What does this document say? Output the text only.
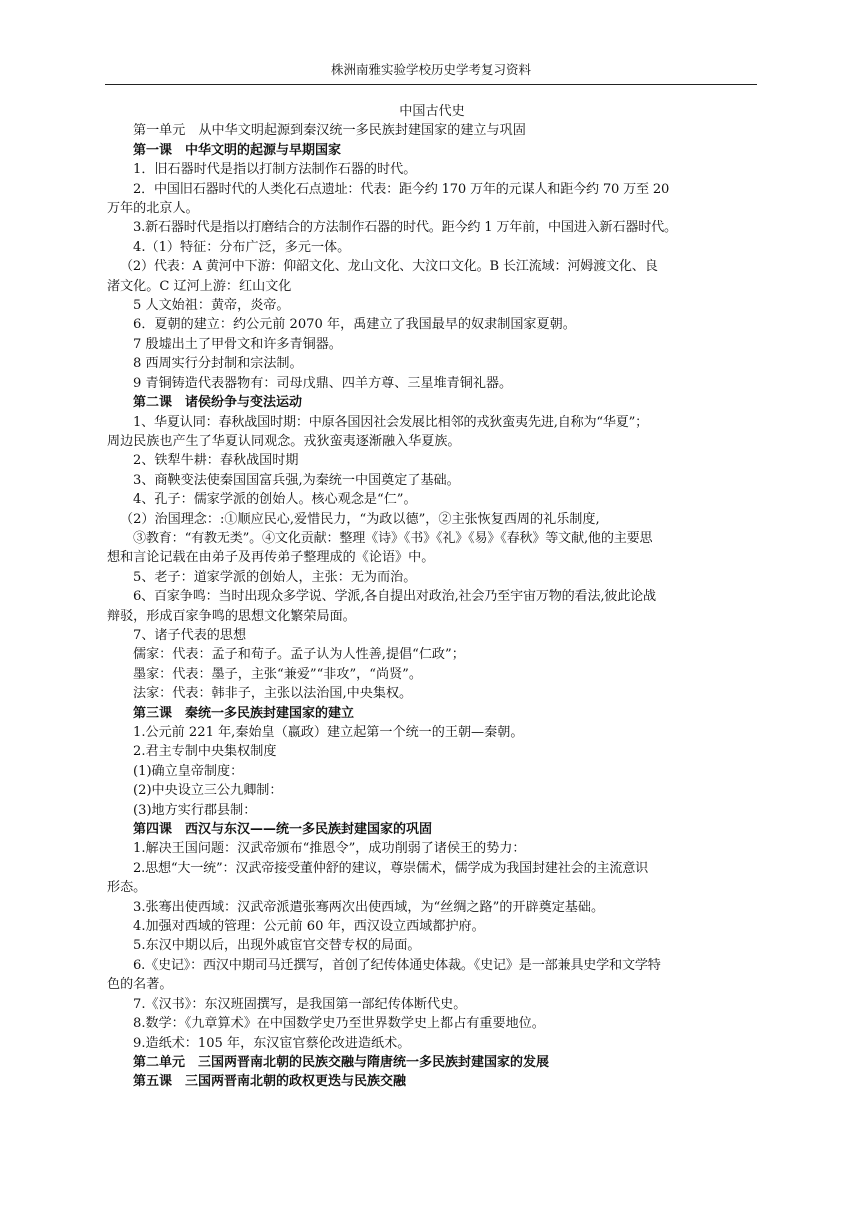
株洲南雅实验学校历史学考复习资料
中国古代史
第一单元　从中华文明起源到秦汉统一多民族封建国家的建立与巩固
第一课　中华文明的起源与早期国家
1．旧石器时代是指以打制方法制作石器的时代。
2．中国旧石器时代的人类化石点遗址：代表：距今约 170 万年的元谋人和距今约 70 万至 20
万年的北京人。
3.新石器时代是指以打磨结合的方法制作石器的时代。距今约 1 万年前，中国进入新石器时代。
4.（1）特征：分布广泛，多元一体。
（2）代表：A 黄河中下游：仰韶文化、龙山文化、大汶口文化。B 长江流域：河姆渡文化、良
渚文化。C 辽河上游：红山文化
5 人文始祖：黄帝，炎帝。
6．夏朝的建立：约公元前 2070 年，禹建立了我国最早的奴隶制国家夏朝。
7 殷墟出土了甲骨文和许多青铜器。
8 西周实行分封制和宗法制。
9 青铜铸造代表器物有：司母戊鼎、四羊方尊、三星堆青铜礼器。
第二课　诸侯纷争与变法运动
1、华夏认同：春秋战国时期：中原各国因社会发展比相邻的戎狄蛮夷先进,自称为“华夏”；
周边民族也产生了华夏认同观念。戎狄蛮夷逐渐融入华夏族。
2、铁犁牛耕：春秋战国时期
3、商鞅变法使秦国国富兵强,为秦统一中国奠定了基础。
4、孔子：儒家学派的创始人。核心观念是“仁”。
（2）治国理念：:①顺应民心,爱惜民力，“为政以德”，②主张恢复西周的礼乐制度,
③教育：“有教无类”。④文化贡献：整理《诗》《书》《礼》《易》《春秋》等文献,他的主要思
想和言论记载在由弟子及再传弟子整理成的《论语》中。
5、老子：道家学派的创始人，主张：无为而治。
6、百家争鸣：当时出现众多学说、学派,各自提出对政治,社会乃至宇宙万物的看法,彼此论战
辩驳，形成百家争鸣的思想文化繁荣局面。
7、诸子代表的思想
儒家：代表：孟子和荀子。孟子认为人性善,提倡“仁政”；
墨家：代表：墨子，主张“兼爱”“非攻”，“尚贤”。
法家：代表：韩非子，主张以法治国,中央集权。
第三课　秦统一多民族封建国家的建立
1.公元前 221 年,秦始皇（嬴政）建立起第一个统一的王朝—秦朝。
2.君主专制中央集权制度
(1)确立皇帝制度：
(2)中央设立三公九卿制：
(3)地方实行郡县制：
第四课　西汉与东汉——统一多民族封建国家的巩固
1.解决王国问题：汉武帝颁布“推恩令”，成功削弱了诸侯王的势力：
2.思想“大一统”：汉武帝接受董仲舒的建议，尊崇儒术，儒学成为我国封建社会的主流意识
形态。
3.张骞出使西域：汉武帝派遣张骞两次出使西域，为“丝绸之路”的开辟奠定基础。
4.加强对西域的管理：公元前 60 年，西汉设立西域都护府。
5.东汉中期以后，出现外戚宦官交替专权的局面。
6.《史记》：西汉中期司马迁撰写，首创了纪传体通史体裁。《史记》是一部兼具史学和文学特
色的名著。
7.《汉书》：东汉班固撰写，是我国第一部纪传体断代史。
8.数学：《九章算术》在中国数学史乃至世界数学史上都占有重要地位。
9.造纸术：105 年，东汉宦官蔡伦改进造纸术。
第二单元　三国两晋南北朝的民族交融与隋唐统一多民族封建国家的发展
第五课　三国两晋南北朝的政权更迭与民族交融
